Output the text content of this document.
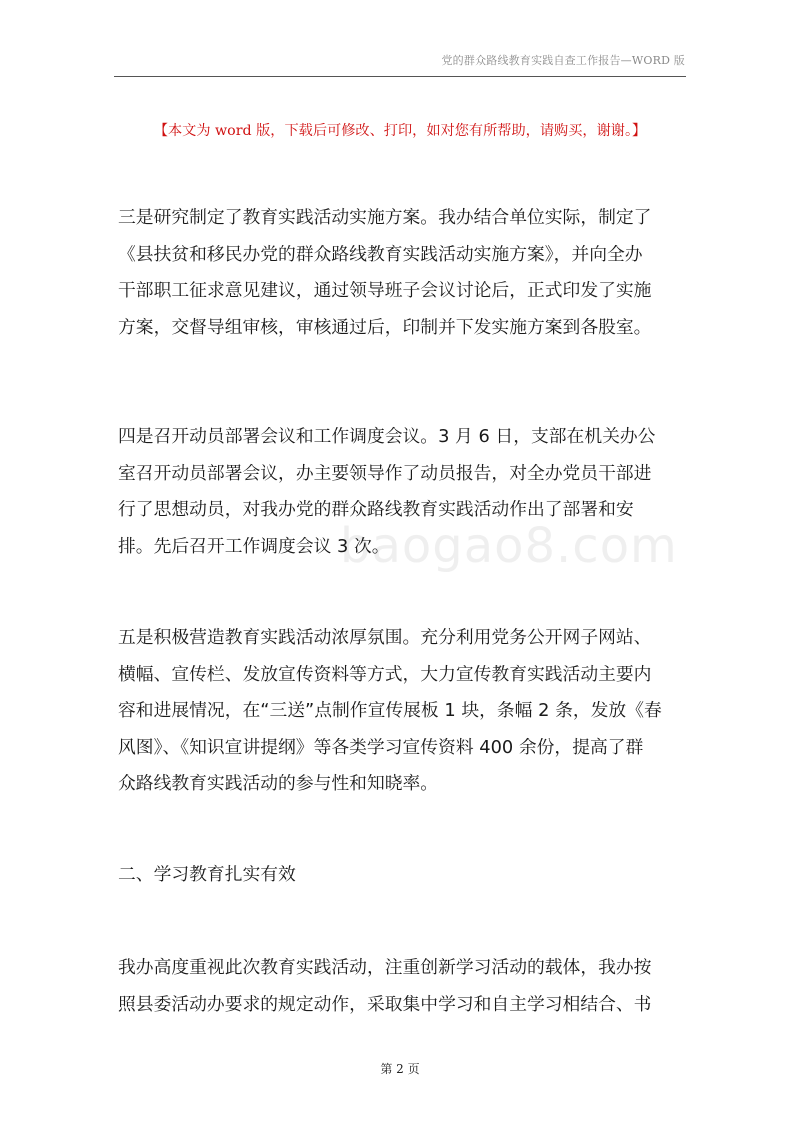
党的群众路线教育实践自查工作报告—WORD 版
【本文为 word 版，下载后可修改、打印，如对您有所帮助，请购买，谢谢。】
baogao8.com

三是研究制定了教育实践活动实施方案。我办结合单位实际，制定了
《县扶贫和移民办党的群众路线教育实践活动实施方案》，并向全办
干部职工征求意见建议，通过领导班子会议讨论后，正式印发了实施
方案，交督导组审核，审核通过后，印制并下发实施方案到各股室。

四是召开动员部署会议和工作调度会议。3 月 6 日，支部在机关办公
室召开动员部署会议，办主要领导作了动员报告，对全办党员干部进
行了思想动员，对我办党的群众路线教育实践活动作出了部署和安
排。先后召开工作调度会议 3 次。

五是积极营造教育实践活动浓厚氛围。充分利用党务公开网子网站、
横幅、宣传栏、发放宣传资料等方式，大力宣传教育实践活动主要内
容和进展情况，在“三送”点制作宣传展板 1 块，条幅 2 条，发放《春
风图》、《知识宣讲提纲》等各类学习宣传资料 400 余份，提高了群
众路线教育实践活动的参与性和知晓率。

二、学习教育扎实有效

我办高度重视此次教育实践活动，注重创新学习活动的载体，我办按
照县委活动办要求的规定动作，采取集中学习和自主学习相结合、书

第 2 页
